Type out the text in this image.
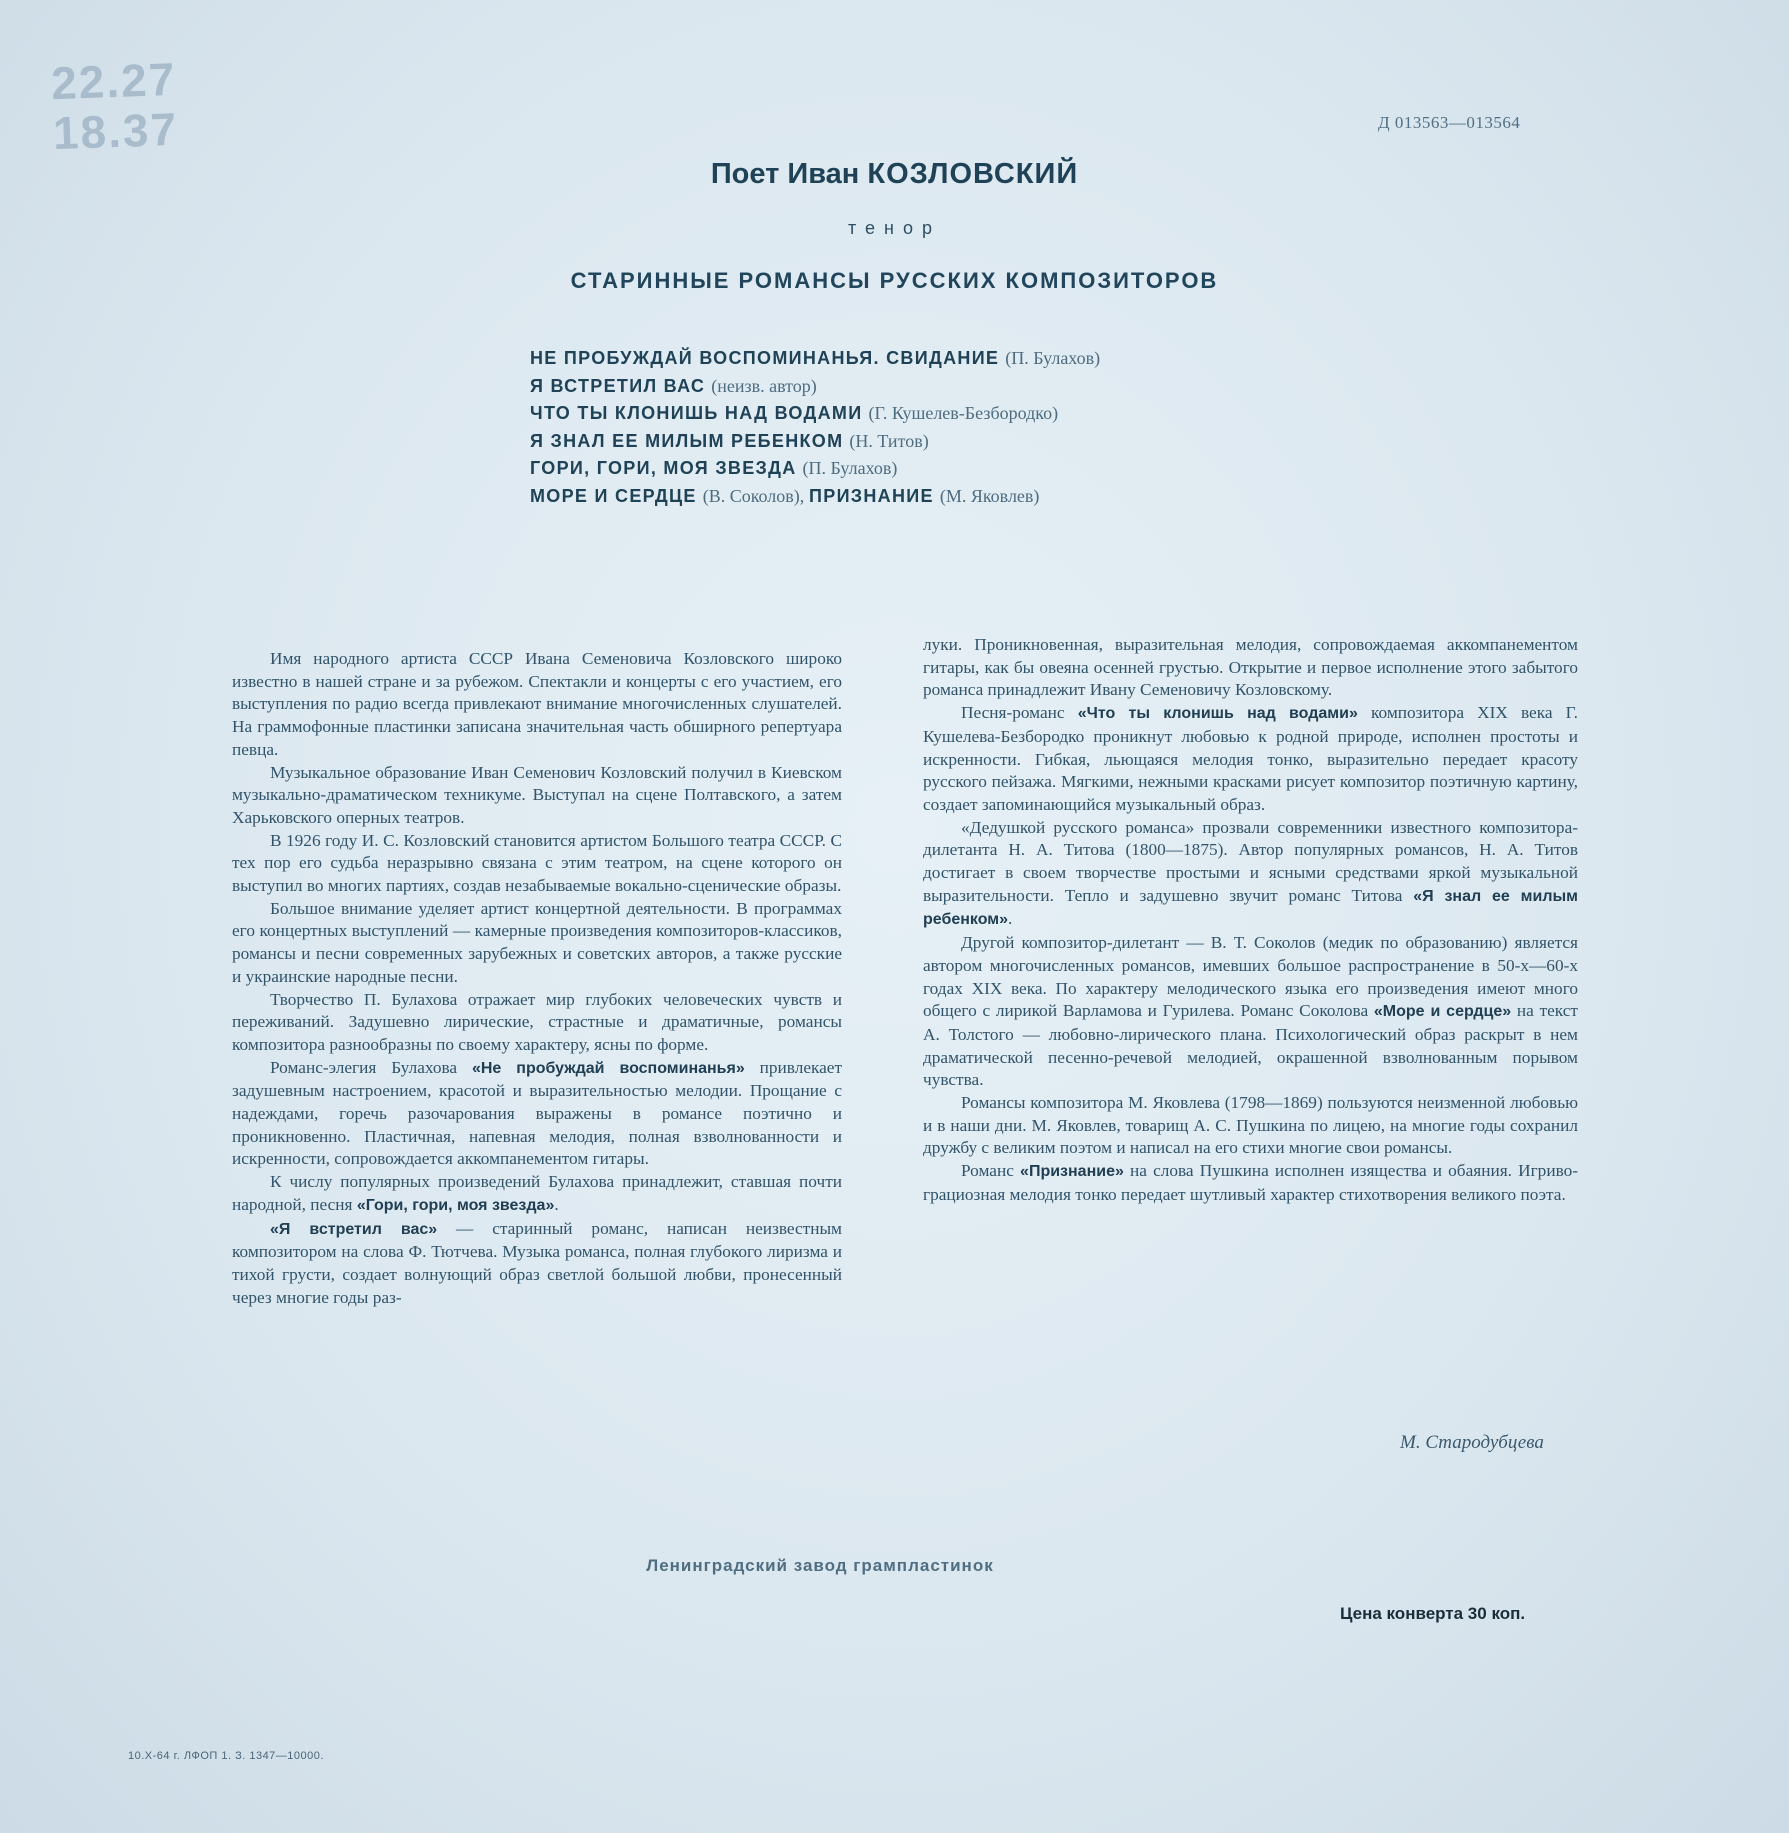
22.27
18.37	Д 013563—013564
Поет Иван КОЗЛОВСКИЙ
тенор
СТАРИННЫЕ РОМАНСЫ РУССКИХ КОМПОЗИТОРОВ
НЕ ПРОБУЖДАЙ ВОСПОМИНАНЬЯ. СВИДАНИЕ (П. Булахов)
Я ВСТРЕТИЛ ВАС (неизв. автор)
ЧТО ТЫ КЛОНИШЬ НАД ВОДАМИ (Г. Кушелев-Безбородко)
Я ЗНАЛ ЕЕ МИЛЫМ РЕБЕНКОМ (Н. Титов)
ГОРИ, ГОРИ, МОЯ ЗВЕЗДА (П. Булахов)
МОРЕ И СЕРДЦЕ (В. Соколов), ПРИЗНАНИЕ (М. Яковлев)

Имя народного артиста СССР Ивана Семеновича Козловского широко известно в нашей стране и за рубежом. Спектакли и концерты с его участием, его выступления по радио всегда привлекают внимание многочисленных слушателей. На граммофонные пластинки записана значительная часть обширного репертуара певца.

Музыкальное образование Иван Семенович Козловский получил в Киевском музыкально-драматическом техникуме. Выступал на сцене Полтавского, а затем Харьковского оперных театров.

В 1926 году И. С. Козловский становится артистом Большого театра СССР. С тех пор его судьба неразрывно связана с этим театром, на сцене которого он выступил во многих партиях, создав незабываемые вокально-сценические образы.

Большое внимание уделяет артист концертной деятельности. В программах его концертных выступлений — камерные произведения композиторов-классиков, романсы и песни современных зарубежных и советских авторов, а также русские и украинские народные песни.

Творчество П. Булахова отражает мир глубоких человеческих чувств и переживаний. Задушевно лирические, страстные и драматичные, романсы композитора разнообразны по своему характеру, ясны по форме.

Романс-элегия Булахова «Не пробуждай воспоминанья» привлекает задушевным настроением, красотой и выразительностью мелодии. Прощание с надеждами, горечь разочарования выражены в романсе поэтично и проникновенно. Пластичная, напевная мелодия, полная взволнованности и искренности, сопровождается аккомпанементом гитары.

К числу популярных произведений Булахова принадлежит, ставшая почти народной, песня «Гори, гори, моя звезда».

«Я встретил вас» — старинный романс, написан неизвестным композитором на слова Ф. Тютчева. Музыка романса, полная глубокого лиризма и тихой грусти, создает волнующий образ светлой большой любви, пронесенный через многие годы раз-

луки. Проникновенная, выразительная мелодия, сопровождаемая аккомпанементом гитары, как бы овеяна осенней грустью. Открытие и первое исполнение этого забытого романса принадлежит Ивану Семеновичу Козловскому.

Песня-романс «Что ты клонишь над водами» композитора XIX века Г. Кушелева-Безбородко проникнут любовью к родной природе, исполнен простоты и искренности. Гибкая, льющаяся мелодия тонко, выразительно передает красоту русского пейзажа. Мягкими, нежными красками рисует композитор поэтичную картину, создает запоминающийся музыкальный образ.

«Дедушкой русского романса» прозвали современники известного композитора-дилетанта Н. А. Титова (1800—1875). Автор популярных романсов, Н. А. Титов достигает в своем творчестве простыми и ясными средствами яркой музыкальной выразительности. Тепло и задушевно звучит романс Титова «Я знал ее милым ребенком».

Другой композитор-дилетант — В. Т. Соколов (медик по образованию) является автором многочисленных романсов, имевших большое распространение в 50-х—60-х годах XIX века. По характеру мелодического языка его произведения имеют много общего с лирикой Варламова и Гурилева. Романс Соколова «Море и сердце» на текст А. Толстого — любовно-лирического плана. Психологический образ раскрыт в нем драматической песенно-речевой мелодией, окрашенной взволнованным порывом чувства.

Романсы композитора М. Яковлева (1798—1869) пользуются неизменной любовью и в наши дни. М. Яковлев, товарищ А. С. Пушкина по лицею, на многие годы сохранил дружбу с великим поэтом и написал на его стихи многие свои романсы.

Романс «Признание» на слова Пушкина исполнен изящества и обаяния. Игриво-грациозная мелодия тонко передает шутливый характер стихотворения великого поэта.

М. Стародубцева
Ленинградский завод грампластинок
Цена конверта 30 коп.
10.Х-64 г. ЛФОП 1. З. 1347—10000.
